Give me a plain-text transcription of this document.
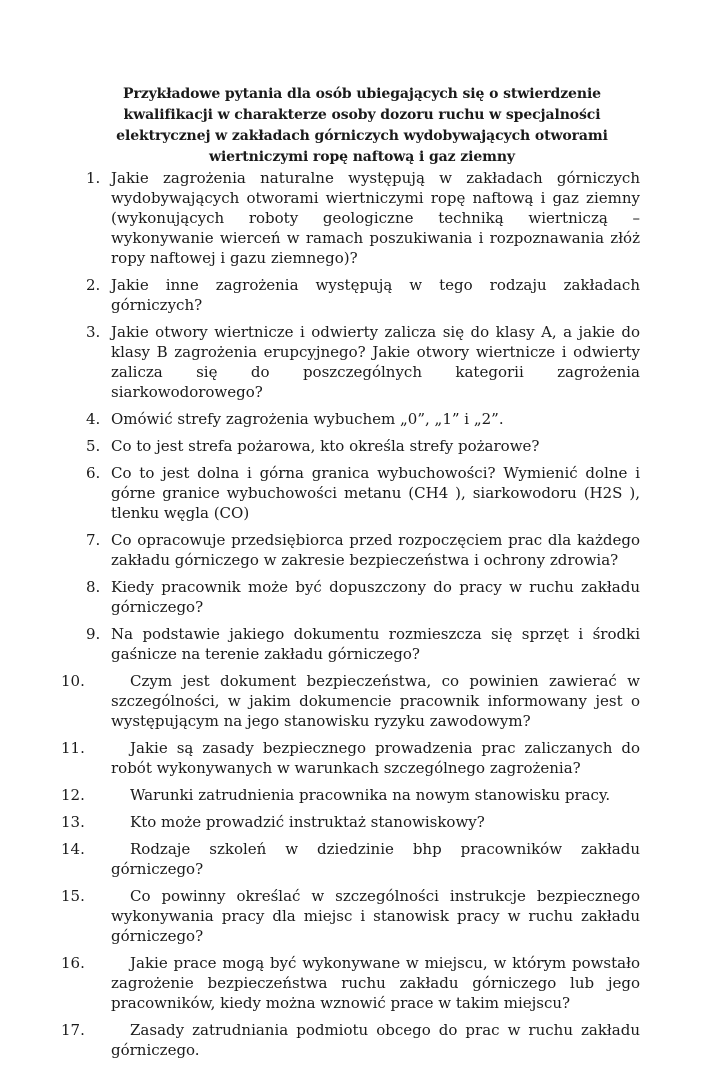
Przykładowe pytania dla osób ubiegających się o stwierdzenie kwalifikacji w charakterze osoby dozoru ruchu w specjalności elektrycznej w zakładach górniczych wydobywających otworami wiertniczymi ropę naftową i gaz ziemny
1. Jakie zagrożenia naturalne występują w zakładach górniczych wydobywających otworami wiertniczymi ropę naftową i gaz ziemny (wykonujących roboty geologiczne techniką wiertniczą – wykonywanie wierceń w ramach poszukiwania i rozpoznawania złóż ropy naftowej i gazu ziemnego)?
2. Jakie inne zagrożenia występują w tego rodzaju zakładach górniczych?
3. Jakie otwory wiertnicze i odwierty zalicza się do klasy A, a jakie do klasy B zagrożenia erupcyjnego? Jakie otwory wiertnicze i odwierty zalicza się do poszczególnych kategorii zagrożenia siarkowodorowego?
4. Omówić strefy zagrożenia wybuchem „0”, „1” i „2”.
5. Co to jest strefa pożarowa, kto określa strefy pożarowe?
6. Co to jest dolna i górna granica wybuchowości? Wymienić dolne i górne granice wybuchowości metanu (CH4 ), siarkowodoru (H2S ), tlenku węgla (CO)
7. Co opracowuje przedsiębiorca przed rozpoczęciem prac dla każdego zakładu górniczego w zakresie bezpieczeństwa i ochrony zdrowia?
8. Kiedy pracownik może być dopuszczony do pracy w ruchu zakładu górniczego?
9. Na podstawie jakiego dokumentu rozmieszcza się sprzęt i środki gaśnicze na terenie zakładu górniczego?
10.	Czym jest dokument bezpieczeństwa, co powinien zawierać w szczególności, w jakim dokumencie pracownik informowany jest o występującym na jego stanowisku ryzyku zawodowym?
11.	Jakie są zasady bezpiecznego prowadzenia prac zaliczanych do robót wykonywanych w warunkach szczególnego zagrożenia?
12.	Warunki zatrudnienia pracownika na nowym stanowisku pracy.
13.	Kto może prowadzić instruktaż stanowiskowy?
14.	Rodzaje szkoleń w dziedzinie bhp pracowników zakładu górniczego?
15.	Co powinny określać w szczególności instrukcje bezpiecznego wykonywania pracy dla miejsc i stanowisk pracy w ruchu zakładu górniczego?
16.	Jakie prace mogą być wykonywane w miejscu, w którym powstało zagrożenie bezpieczeństwa ruchu zakładu górniczego lub jego pracowników, kiedy można wznowić prace w takim miejscu?
17.	Zasady zatrudniania podmiotu obcego do prac w ruchu zakładu górniczego.
